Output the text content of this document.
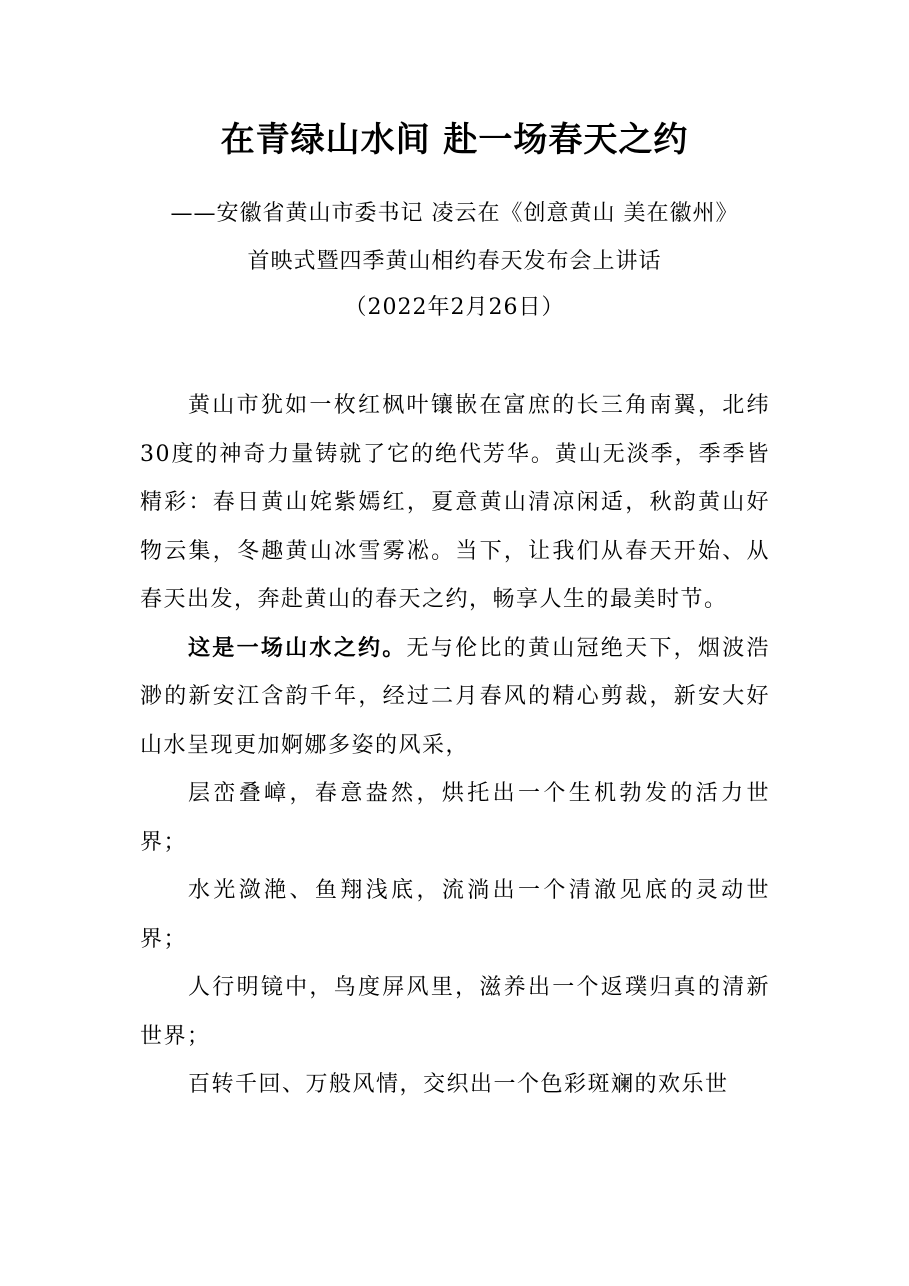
在青绿山水间 赴一场春天之约

——安徽省黄山市委书记 凌云在《创意黄山 美在徽州》

首映式暨四季黄山相约春天发布会上讲话

（2022年2月26日）

黄山市犹如一枚红枫叶镶嵌在富庶的长三角南翼，北纬30度的神奇力量铸就了它的绝代芳华。黄山无淡季，季季皆精彩：春日黄山姹紫嫣红，夏意黄山清凉闲适，秋韵黄山好物云集，冬趣黄山冰雪雾凇。当下，让我们从春天开始、从春天出发，奔赴黄山的春天之约，畅享人生的最美时节。

这是一场山水之约。无与伦比的黄山冠绝天下，烟波浩渺的新安江含韵千年，经过二月春风的精心剪裁，新安大好山水呈现更加婀娜多姿的风采，

层峦叠嶂，春意盎然，烘托出一个生机勃发的活力世界；

水光潋滟、鱼翔浅底，流淌出一个清澈见底的灵动世界；

人行明镜中，鸟度屏风里，滋养出一个返璞归真的清新世界；

百转千回、万般风情，交织出一个色彩斑斓的欢乐世
